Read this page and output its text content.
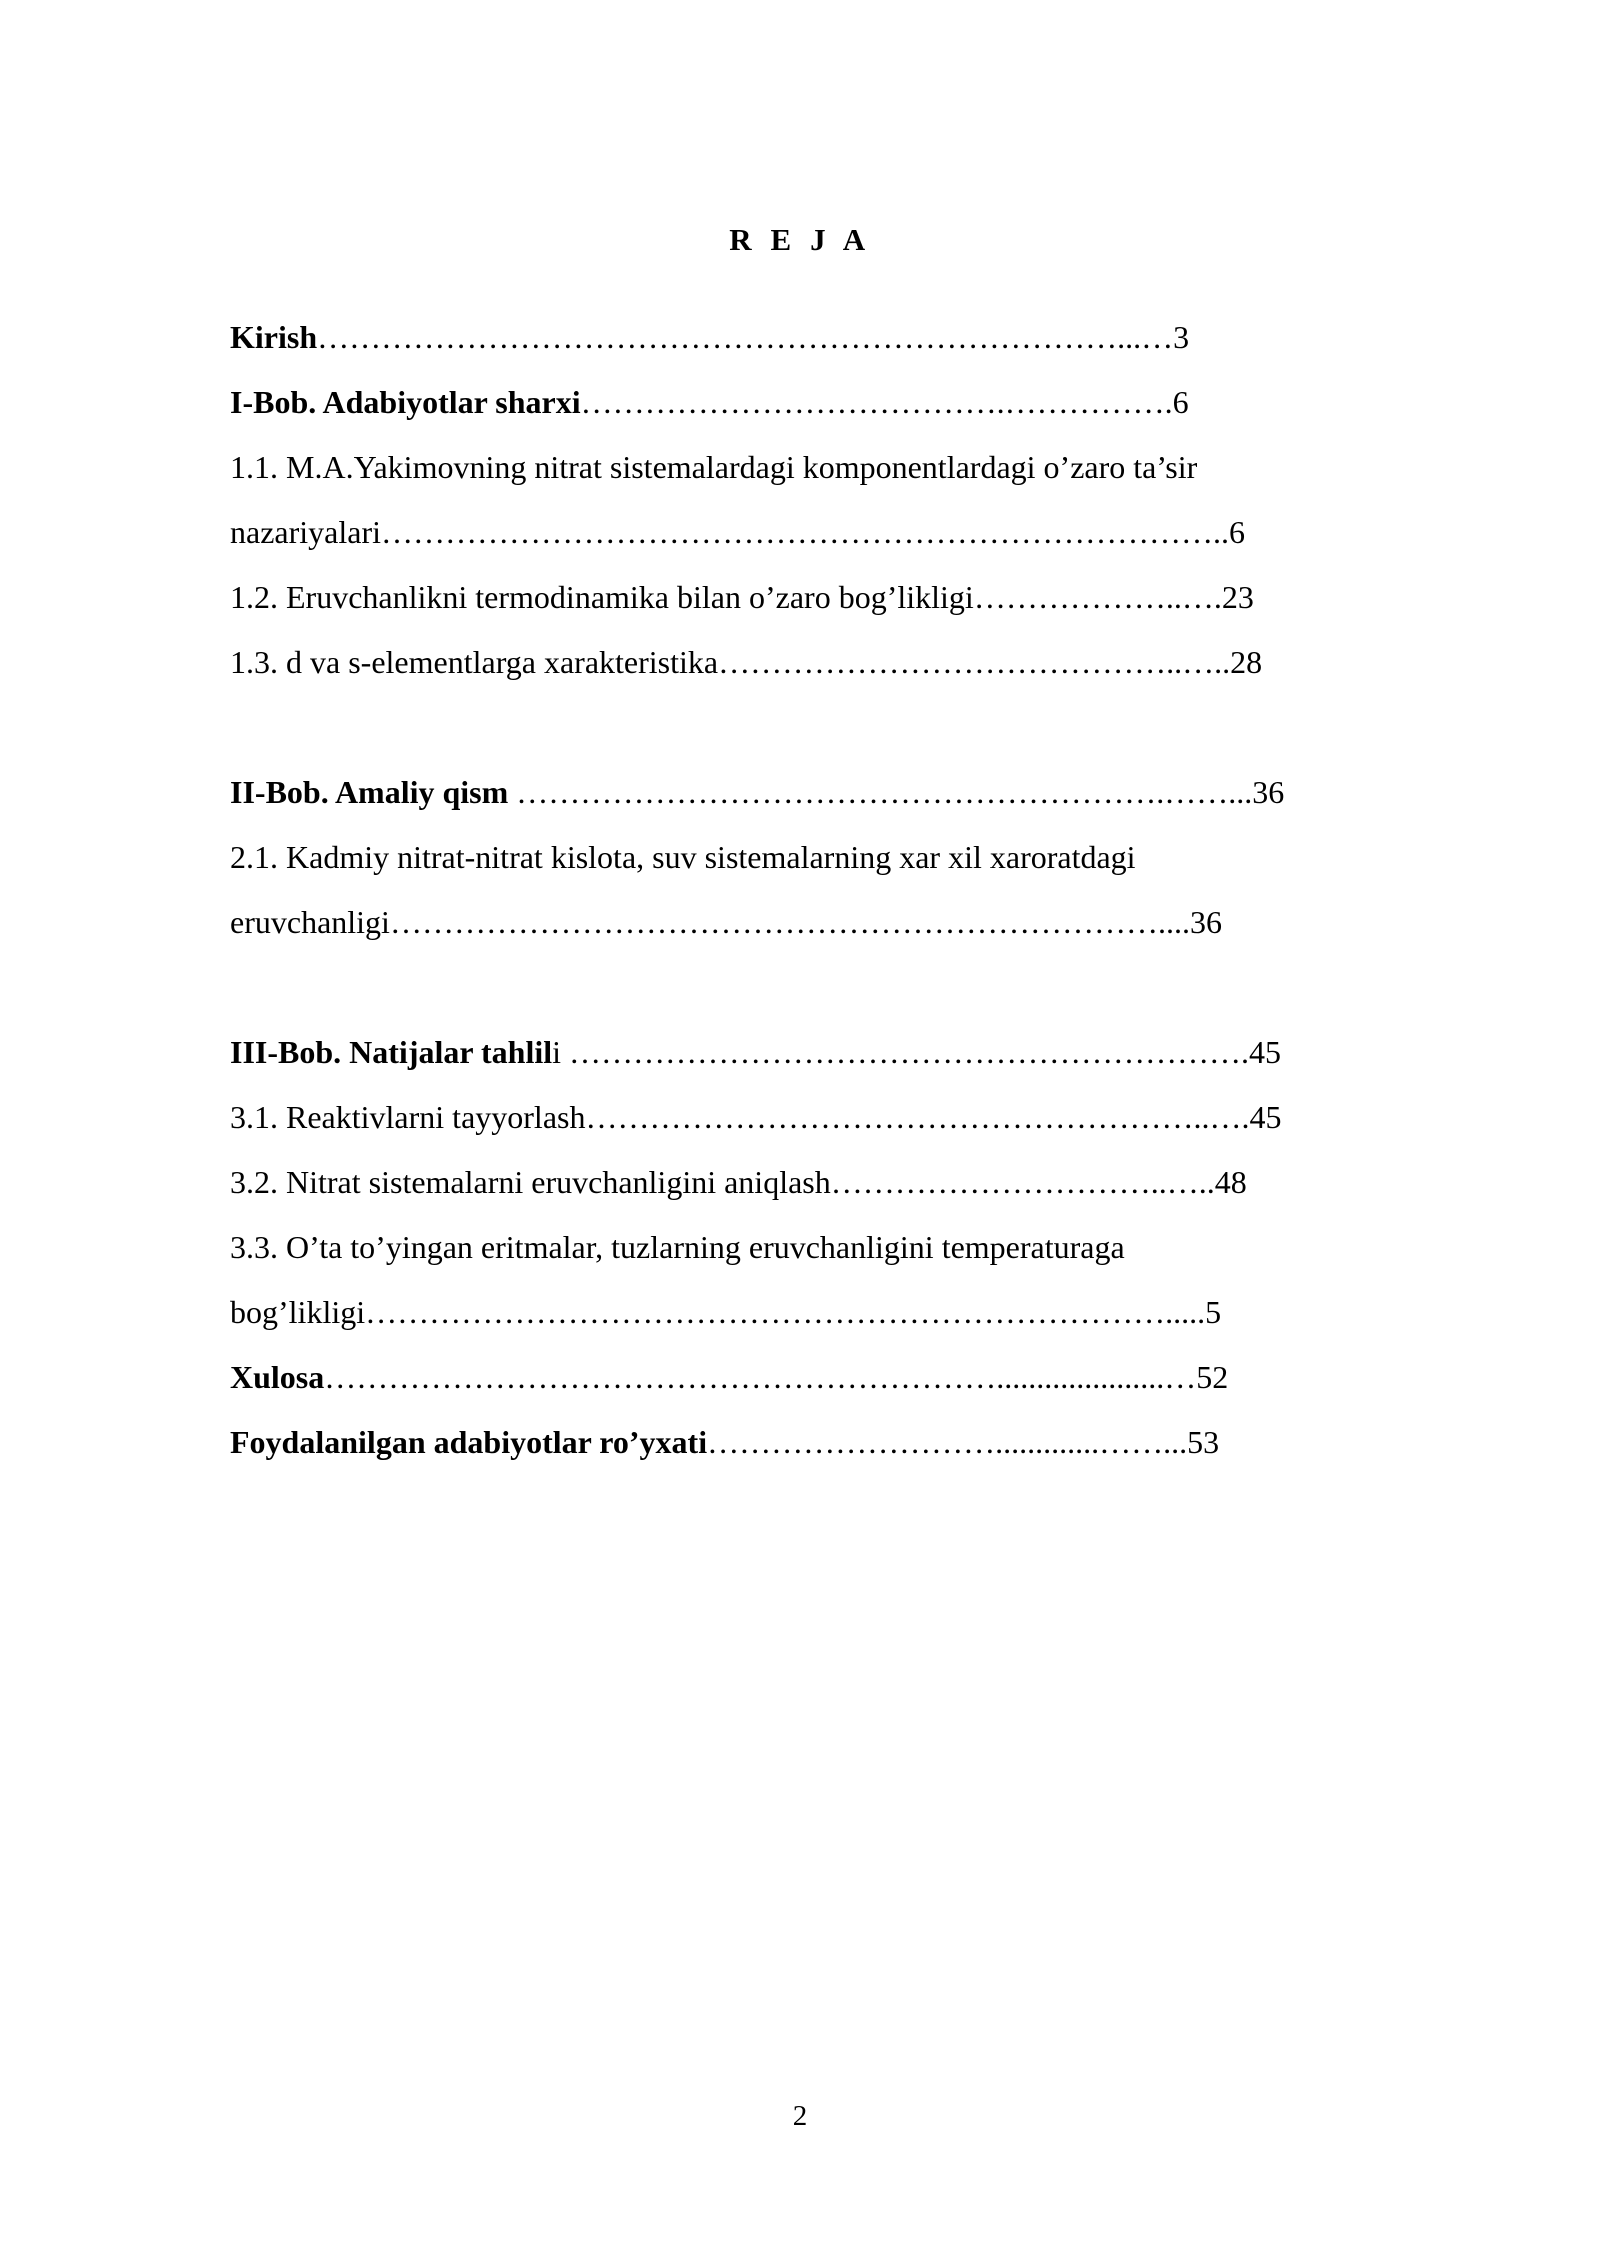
R E J A
Kirish…………………………………………………………………...…3
I-Bob. Adabiyotlar sharxi………………………………….…………….6
1.1. M.A.Yakimovning nitrat sistemalardagi komponentlardagi o’zaro ta’sir
nazariyalari……………………………………………………………………..6
1.2. Eruvchanlikni termodinamika bilan o’zaro bog’likligi………………..….23
1.3. d va s-elementlarga xarakteristika……………………………………..…..28
II-Bob. Amaliy qism …………………………………………………….……...36
2.1. Kadmiy nitrat-nitrat kislota, suv sistemalarning xar xil xaroratdagi
eruvchanligi………………………………………………………………....36
III-Bob. Natijalar tahlili ……………………………………………………….45
3.1. Reaktivlarni tayyorlash…………………………………………………..….45
3.2. Nitrat sistemalarni eruvchanligini aniqlash…………………………..…..48
3.3. O’ta to’yingan eritmalar, tuzlarning eruvchanligini temperaturaga
bog’likligi………………………………………………………………….....5
Xulosa……………………………………………………….....................…52
Foydalanilgan adabiyotlar ro’yxati……………………….............……...53
2
